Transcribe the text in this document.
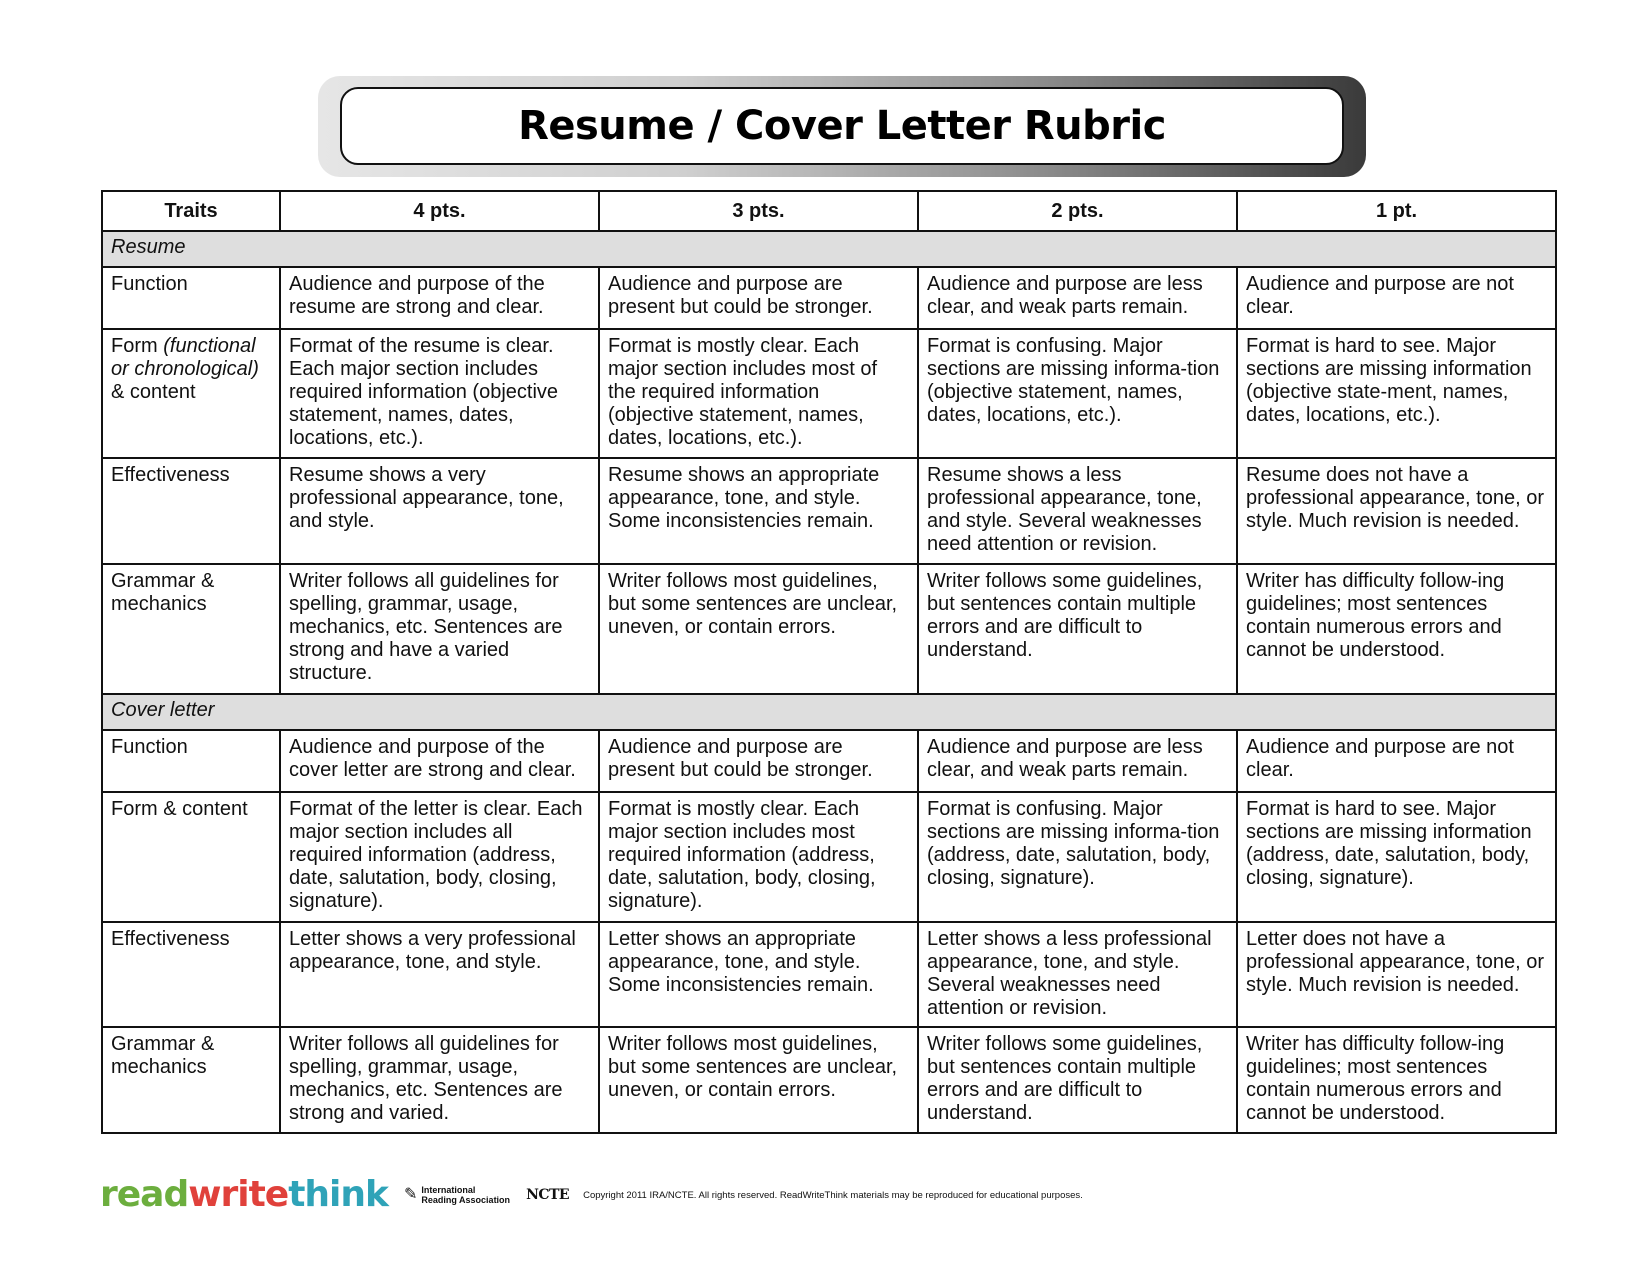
Resume / Cover Letter Rubric
Traits	4 pts.	3 pts.	2 pts.	1 pt.
Resume				
Function	Audience and purpose of the resume are strong and clear.	Audience and purpose are present but could be stronger.	Audience and purpose are less clear, and weak parts remain.	Audience and purpose are not clear.
Form (functional or chronological) & content	Format of the resume is clear. Each major section includes required information (objective statement, names, dates, locations, etc.).	Format is mostly clear. Each major section includes most of the required information (objective statement, names, dates, locations, etc.).	Format is confusing. Major sections are missing informa-tion (objective statement, names, dates, locations, etc.).	Format is hard to see. Major sections are missing information (objective state-ment, names, dates, locations, etc.).
Effectiveness	Resume shows a very professional appearance, tone, and style.	Resume shows an appropriate appearance, tone, and style. Some inconsistencies remain.	Resume shows a less professional appearance, tone, and style. Several weaknesses need attention or revision.	Resume does not have a professional appearance, tone, or style. Much revision is needed.
Grammar & mechanics	Writer follows all guidelines for spelling, grammar, usage, mechanics, etc. Sentences are strong and have a varied structure.	Writer follows most guidelines, but some sentences are unclear, uneven, or contain errors.	Writer follows some guidelines, but sentences contain multiple errors and are difficult to understand.	Writer has difficulty follow-ing guidelines; most sentences contain numerous errors and cannot be understood.
Cover letter				
Function	Audience and purpose of the cover letter are strong and clear.	Audience and purpose are present but could be stronger.	Audience and purpose are less clear, and weak parts remain.	Audience and purpose are not clear.
Form & content	Format of the letter is clear. Each major section includes all required information (address, date, salutation, body, closing, signature).	Format is mostly clear. Each major section includes most required information (address, date, salutation, body, closing, signature).	Format is confusing. Major sections are missing informa-tion (address, date, salutation, body, closing, signature).	Format is hard to see. Major sections are missing information (address, date, salutation, body, closing, signature).
Effectiveness	Letter shows a very professional appearance, tone, and style.	Letter shows an appropriate appearance, tone, and style. Some inconsistencies remain.	Letter shows a less professional appearance, tone, and style. Several weaknesses need attention or revision.	Letter does not have a professional appearance, tone, or style. Much revision is needed.
Grammar & mechanics	Writer follows all guidelines for spelling, grammar, usage, mechanics, etc. Sentences are strong and varied.	Writer follows most guidelines, but some sentences are unclear, uneven, or contain errors.	Writer follows some guidelines, but sentences contain multiple errors and are difficult to understand.	Writer has difficulty follow-ing guidelines; most sentences contain numerous errors and cannot be understood.
readwritethink ✎ International
Reading Association NCTE Copyright 2011 IRA/NCTE. All rights reserved. ReadWriteThink materials may be reproduced for educational purposes.
